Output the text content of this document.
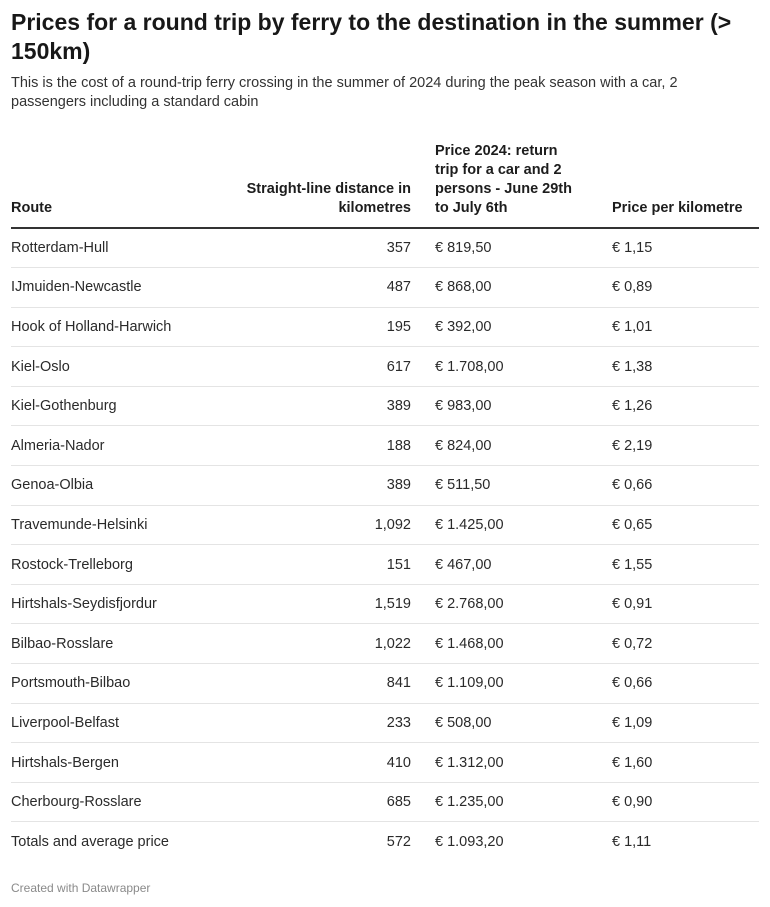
Prices for a round trip by ferry to the destination in the summer (> 150km)

This is the cost of a round-trip ferry crossing in the summer of 2024 during the peak season with a car, 2 passengers including a standard cabin

Route	Straight-line distance in kilometres	Price 2024: return trip for a car and 2 persons - June 29th to July 6th	Price per kilometre
Rotterdam-Hull	357	€ 819,50	€ 1,15
IJmuiden-Newcastle	487	€ 868,00	€ 0,89
Hook of Holland-Harwich	195	€ 392,00	€ 1,01
Kiel-Oslo	617	€ 1.708,00	€ 1,38
Kiel-Gothenburg	389	€ 983,00	€ 1,26
Almeria-Nador	188	€ 824,00	€ 2,19
Genoa-Olbia	389	€ 511,50	€ 0,66
Travemunde-Helsinki	1,092	€ 1.425,00	€ 0,65
Rostock-Trelleborg	151	€ 467,00	€ 1,55
Hirtshals-Seydisfjordur	1,519	€ 2.768,00	€ 0,91
Bilbao-Rosslare	1,022	€ 1.468,00	€ 0,72
Portsmouth-Bilbao	841	€ 1.109,00	€ 0,66
Liverpool-Belfast	233	€ 508,00	€ 1,09
Hirtshals-Bergen	410	€ 1.312,00	€ 1,60
Cherbourg-Rosslare	685	€ 1.235,00	€ 0,90
Totals and average price	572	€ 1.093,20	€ 1,11
Created with Datawrapper
